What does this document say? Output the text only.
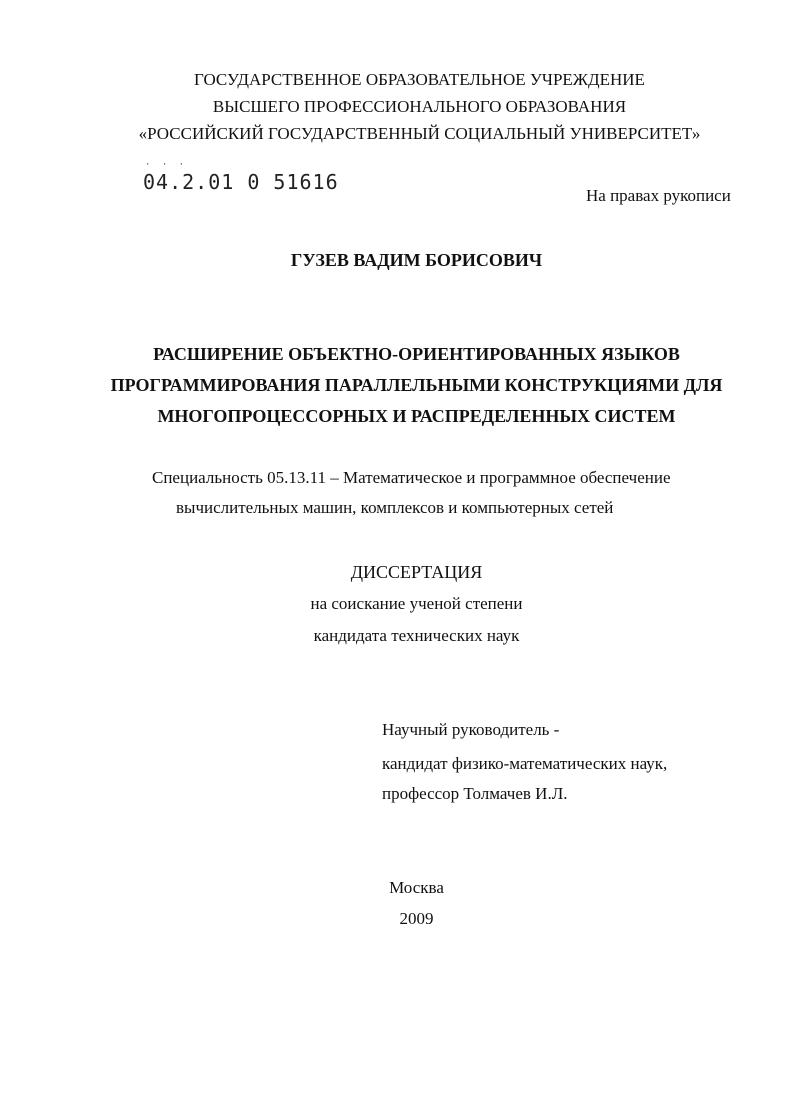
ГОСУДАРСТВЕННОЕ ОБРАЗОВАТЕЛЬНОЕ УЧРЕЖДЕНИЕ
ВЫСШЕГО ПРОФЕССИОНАЛЬНОГО ОБРАЗОВАНИЯ
«РОССИЙСКИЙ ГОСУДАРСТВЕННЫЙ СОЦИАЛЬНЫЙ УНИВЕРСИТЕТ»
· · ·
04.2.01 0 51616
На правах рукописи
ГУЗЕВ ВАДИМ БОРИСОВИЧ
РАСШИРЕНИЕ ОБЪЕКТНО-ОРИЕНТИРОВАННЫХ ЯЗЫКОВ
ПРОГРАММИРОВАНИЯ ПАРАЛЛЕЛЬНЫМИ КОНСТРУКЦИЯМИ ДЛЯ
МНОГОПРОЦЕССОРНЫХ И РАСПРЕДЕЛЕННЫХ СИСТЕМ
Специальность 05.13.11 – Математическое и программное обеспечение
вычислительных машин, комплексов и компьютерных сетей
ДИССЕРТАЦИЯ
на соискание ученой степени
кандидата технических наук
Научный руководитель -
кандидат физико-математических наук,
профессор Толмачев И.Л.
Москва
2009
